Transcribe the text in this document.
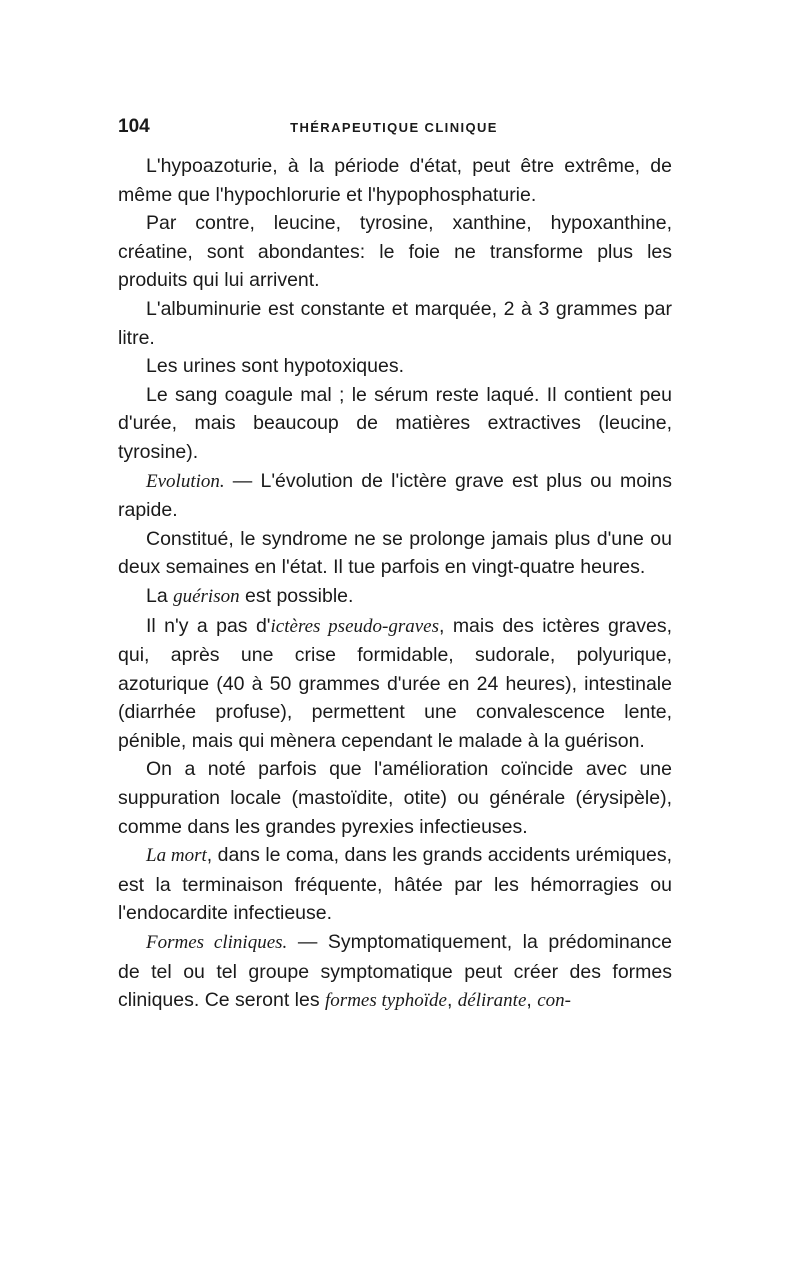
104	THÉRAPEUTIQUE CLINIQUE

L'hypoazoturie, à la période d'état, peut être extrême, de même que l'hypochlorurie et l'hypophosphaturie.

Par contre, leucine, tyrosine, xanthine, hypoxanthine, créatine, sont abondantes: le foie ne transforme plus les produits qui lui arrivent.

L'albuminurie est constante et marquée, 2 à 3 grammes par litre.

Les urines sont hypotoxiques.

Le sang coagule mal ; le sérum reste laqué. Il contient peu d'urée, mais beaucoup de matières extractives (leucine, tyrosine).

Evolution. — L'évolution de l'ictère grave est plus ou moins rapide.

Constitué, le syndrome ne se prolonge jamais plus d'une ou deux semaines en l'état. Il tue parfois en vingt-quatre heures.

La guérison est possible.

Il n'y a pas d'ictères pseudo-graves, mais des ictères graves, qui, après une crise formidable, sudorale, polyurique, azoturique (40 à 50 grammes d'urée en 24 heures), intestinale (diarrhée profuse), permettent une convalescence lente, pénible, mais qui mènera cependant le malade à la guérison.

On a noté parfois que l'amélioration coïncide avec une suppuration locale (mastoïdite, otite) ou générale (érysipèle), comme dans les grandes pyrexies infectieuses.

La mort, dans le coma, dans les grands accidents urémiques, est la terminaison fréquente, hâtée par les hémorragies ou l'endocardite infectieuse.

Formes cliniques. — Symptomatiquement, la prédominance de tel ou tel groupe symptomatique peut créer des formes cliniques. Ce seront les formes typhoïde, délirante, con-
